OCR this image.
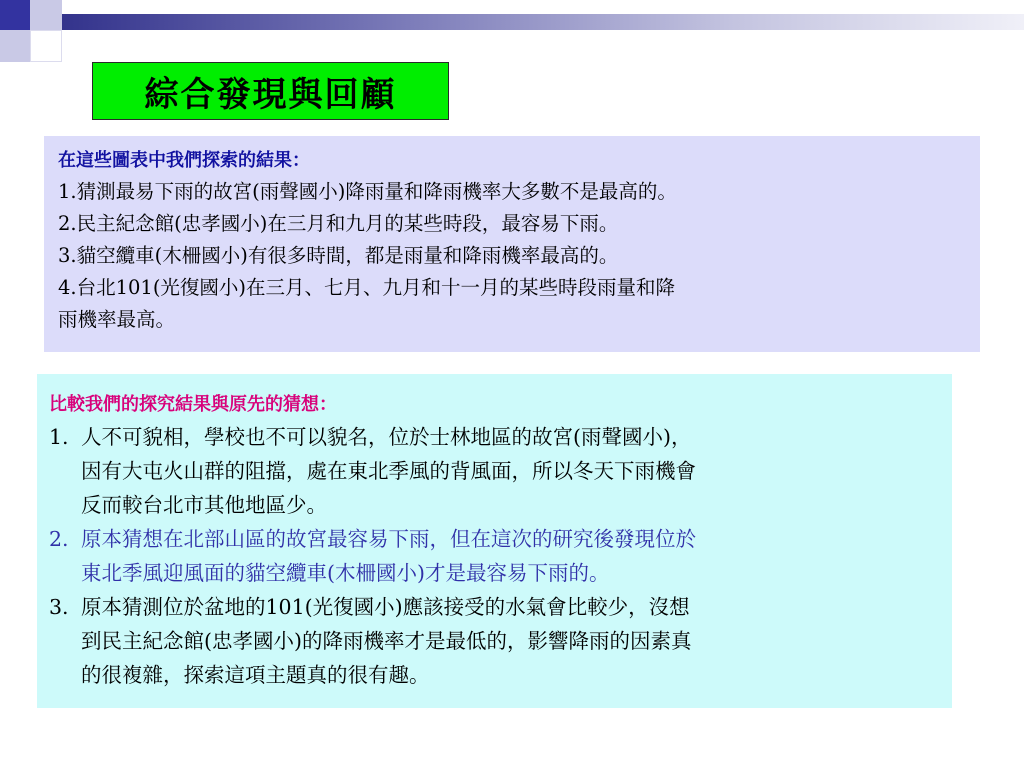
綜合發現與回顧
在這些圖表中我們探索的結果：
1.猜測最易下雨的故宮(雨聲國小)降雨量和降雨機率大多數不是最高的。
2.民主紀念館(忠孝國小)在三月和九月的某些時段，最容易下雨。
3.貓空纜車(木柵國小)有很多時間，都是雨量和降雨機率最高的。
4.台北101(光復國小)在三月、七月、九月和十一月的某些時段雨量和降
雨機率最高。
比較我們的探究結果與原先的猜想：
1. 人不可貌相，學校也不可以貌名，位於士林地區的故宮(雨聲國小)，
因有大屯火山群的阻擋，處在東北季風的背風面，所以冬天下雨機會
反而較台北市其他地區少。
2. 原本猜想在北部山區的故宮最容易下雨，但在這次的研究後發現位於
東北季風迎風面的貓空纜車(木柵國小)才是最容易下雨的。
3. 原本猜測位於盆地的101(光復國小)應該接受的水氣會比較少，沒想
到民主紀念館(忠孝國小)的降雨機率才是最低的，影響降雨的因素真
的很複雜，探索這項主題真的很有趣。
